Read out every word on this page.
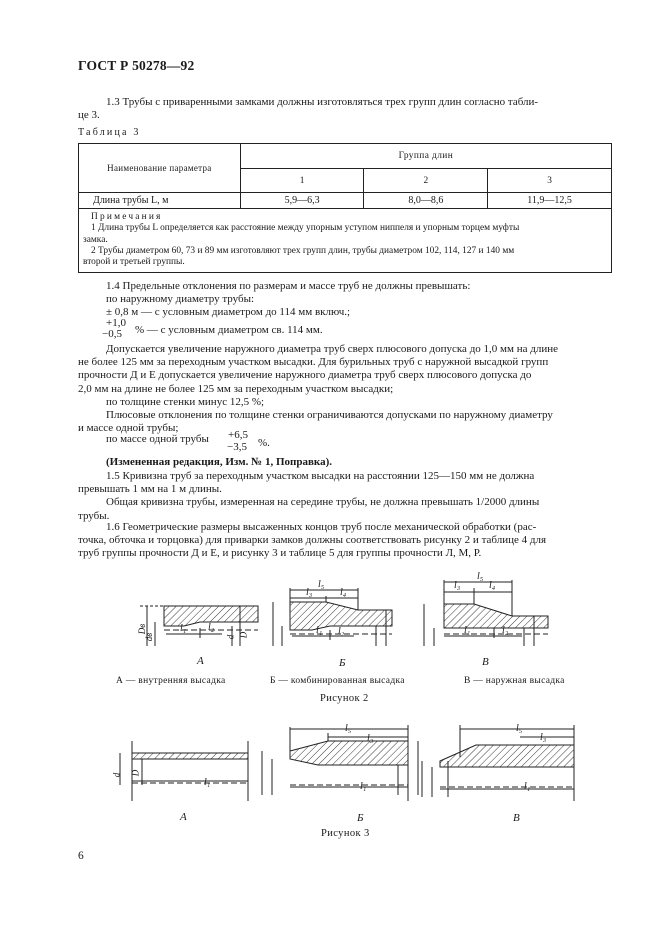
ГОСТ Р 50278—92
1.3 Трубы с приваренными замками должны изготовляться трех групп длин согласно табли-
це 3.
Таблица 3
Наименование параметра	Группа длин		
	1	2	3
Длина трубы L, м	5,9—6,3	8,0—8,6	11,9—12,5

Примечания
1 Длина трубы L определяется как расстояние между упорным уступом ниппеля и упорным торцем муфты
замка.
2 Трубы диаметром 60, 73 и 89 мм изготовляют трех групп длин, трубы диаметром 102, 114, 127 и 140 мм
второй и третьей группы.			
1.4 Предельные отклонения по размерам и массе труб не должны превышать:
по наружному диаметру трубы:
± 0,8 м — с условным диаметром до 114 мм включ.;
+1,0
−0,5 % — с условным диаметром св. 114 мм.
Допускается увеличение наружного диаметра труб сверх плюсового допуска до 1,0 мм на длине
не более 125 мм за переходным участком высадки. Для бурильных труб с наружной высадкой групп
прочности Д и Е допускается увеличение наружного диаметра труб сверх плюсового допуска до
2,0 мм на длине не более 125 мм за переходным участком высадки;
по толщине стенки минус 12,5 %;
Плюсовые отклонения по толщине стенки ограничиваются допусками по наружному диаметру
и массе одной трубы;
по массе одной трубы +6,5
−3,5 %.
(Измененная редакция, Изм. № 1, Поправка).
1.5 Кривизна труб за переходным участком высадки на расстоянии 125—150 мм не должна
превышать 1 мм на 1 м длины.
Общая кривизна трубы, измеренная на середине трубы, не должна превышать 1/2000 длины
трубы.
1.6 Геометрические размеры высаженных концов труб после механической обработки (рас-
точка, обточка и торцовка) для приварки замков должны соответствовать рисунку 2 и таблице 4 для
труб группы прочности Д и Е, и рисунку 3 и таблице 5 для группы прочности Л, М, Р.
l₁ l₂
Dв
dв	d D
l₅
l₃	l₄
l₁ l₂
l₅
l₃	l₄
l₁	l₂
А	Б	В
А — внутренняя высадка	Б — комбинированная высадка	В — наружная высадка
Рисунок 2
l₅
l₃
l₁
l₅
l₃
l₁
l₁
d D
А	Б	В
Рисунок 3
6
